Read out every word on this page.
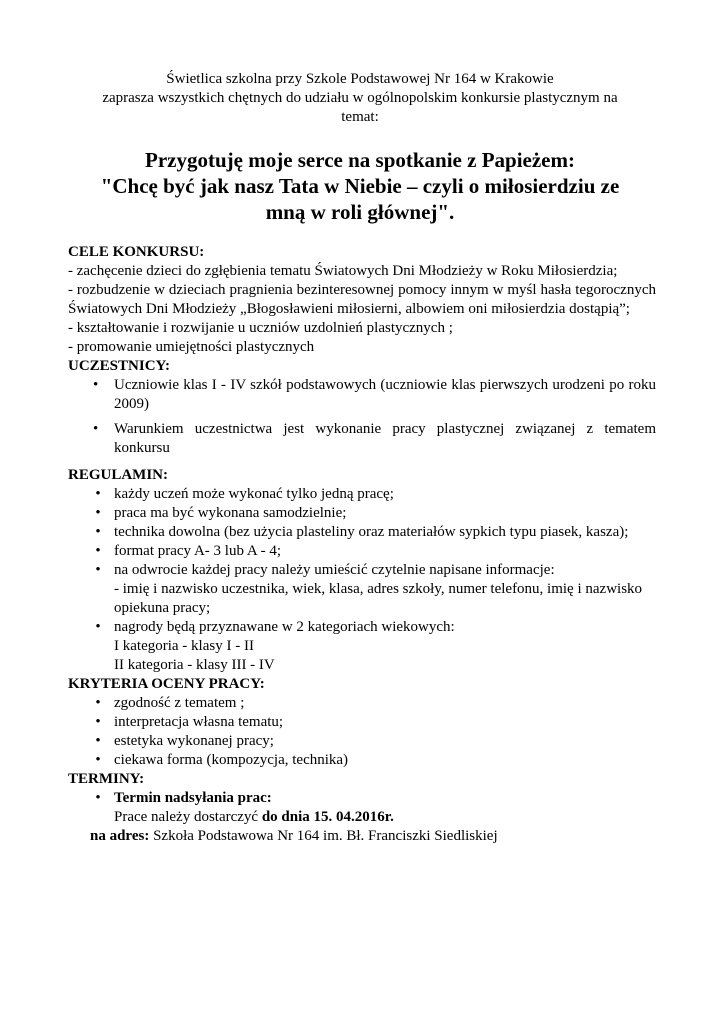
Świetlica szkolna przy Szkole Podstawowej Nr 164 w Krakowie
zaprasza wszystkich chętnych do udziału w ogólnopolskim konkursie plastycznym na
temat:
Przygotuję moje serce na spotkanie z Papieżem:
"Chcę być jak nasz Tata w Niebie – czyli o miłosierdziu ze
mną w roli głównej".
CELE KONKURSU:
- zachęcenie dzieci do zgłębienia tematu Światowych Dni Młodzieży w Roku Miłosierdzia;
- rozbudzenie w dzieciach pragnienia bezinteresownej pomocy innym w myśl hasła tegorocznych Światowych Dni Młodzieży „Błogosławieni miłosierni, albowiem oni miłosierdzia dostąpią”;
- kształtowanie i rozwijanie u uczniów uzdolnień plastycznych ;
- promowanie umiejętności plastycznych
UCZESTNICY:
•	Uczniowie klas I - IV szkół podstawowych (uczniowie klas pierwszych urodzeni po roku 2009)
•	Warunkiem uczestnictwa jest wykonanie pracy plastycznej związanej z tematem konkursu
REGULAMIN:
• każdy uczeń może wykonać tylko jedną pracę;
• praca ma być wykonana samodzielnie;
• technika dowolna (bez użycia plasteliny oraz materiałów sypkich typu piasek, kasza);
• format pracy A- 3 lub A - 4;
• na odwrocie każdej pracy należy umieścić czytelnie napisane informacje:
- imię i nazwisko uczestnika, wiek, klasa, adres szkoły, numer telefonu, imię i nazwisko opiekuna pracy;
• nagrody będą przyznawane w 2 kategoriach wiekowych:
I kategoria - klasy I - II
II kategoria - klasy III - IV
KRYTERIA OCENY PRACY:
• zgodność z tematem ;
• interpretacja własna tematu;
• estetyka wykonanej pracy;
• ciekawa forma (kompozycja, technika)
TERMINY:
• Termin nadsyłania prac:
Prace należy dostarczyć do dnia 15. 04.2016r.
na adres: Szkoła Podstawowa Nr 164 im. Bł. Franciszki Siedliskiej
